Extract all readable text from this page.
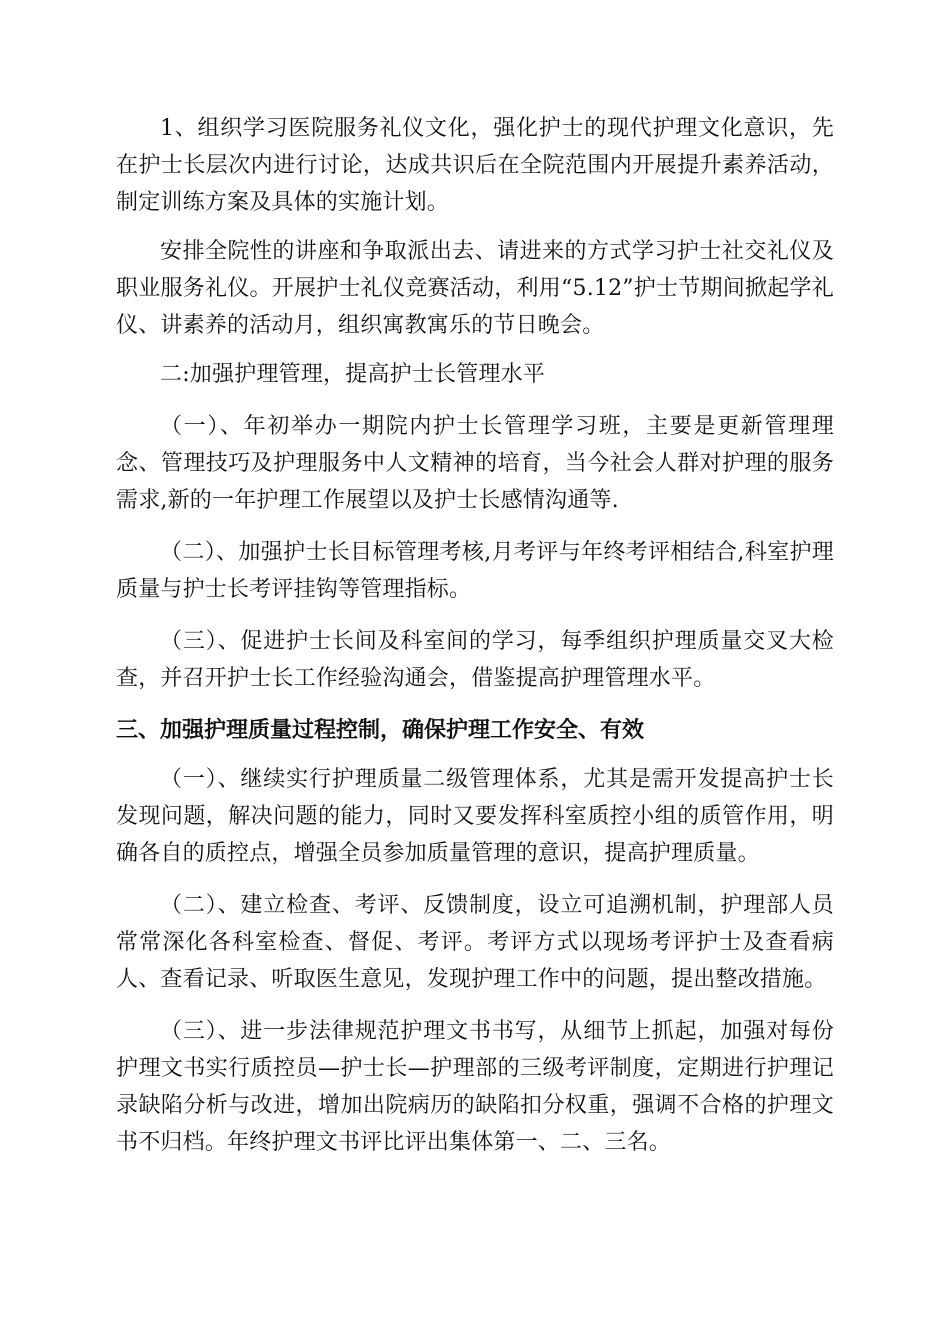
1、组织学习医院服务礼仪文化，强化护士的现代护理文化意识，先在护士长层次内进行讨论，达成共识后在全院范围内开展提升素养活动，制定训练方案及具体的实施计划。

安排全院性的讲座和争取派出去、请进来的方式学习护士社交礼仪及职业服务礼仪。开展护士礼仪竞赛活动，利用“5.12”护士节期间掀起学礼仪、讲素养的活动月，组织寓教寓乐的节日晚会。

二:加强护理管理，提高护士长管理水平

（一）、年初举办一期院内护士长管理学习班，主要是更新管理理念、管理技巧及护理服务中人文精神的培育，当今社会人群对护理的服务需求,新的一年护理工作展望以及护士长感情沟通等.

（二）、加强护士长目标管理考核,月考评与年终考评相结合,科室护理质量与护士长考评挂钩等管理指标。

（三）、促进护士长间及科室间的学习，每季组织护理质量交叉大检查，并召开护士长工作经验沟通会，借鉴提高护理管理水平。

三、加强护理质量过程控制，确保护理工作安全、有效

（一）、继续实行护理质量二级管理体系，尤其是需开发提高护士长发现问题，解决问题的能力，同时又要发挥科室质控小组的质管作用，明确各自的质控点，增强全员参加质量管理的意识，提高护理质量。

（二）、建立检查、考评、反馈制度，设立可追溯机制，护理部人员常常深化各科室检查、督促、考评。考评方式以现场考评护士及查看病人、查看记录、听取医生意见，发现护理工作中的问题，提出整改措施。

（三）、进一步法律规范护理文书书写，从细节上抓起，加强对每份护理文书实行质控员—护士长—护理部的三级考评制度，定期进行护理记录缺陷分析与改进，增加出院病历的缺陷扣分权重，强调不合格的护理文书不归档。年终护理文书评比评出集体第一、二、三名。
